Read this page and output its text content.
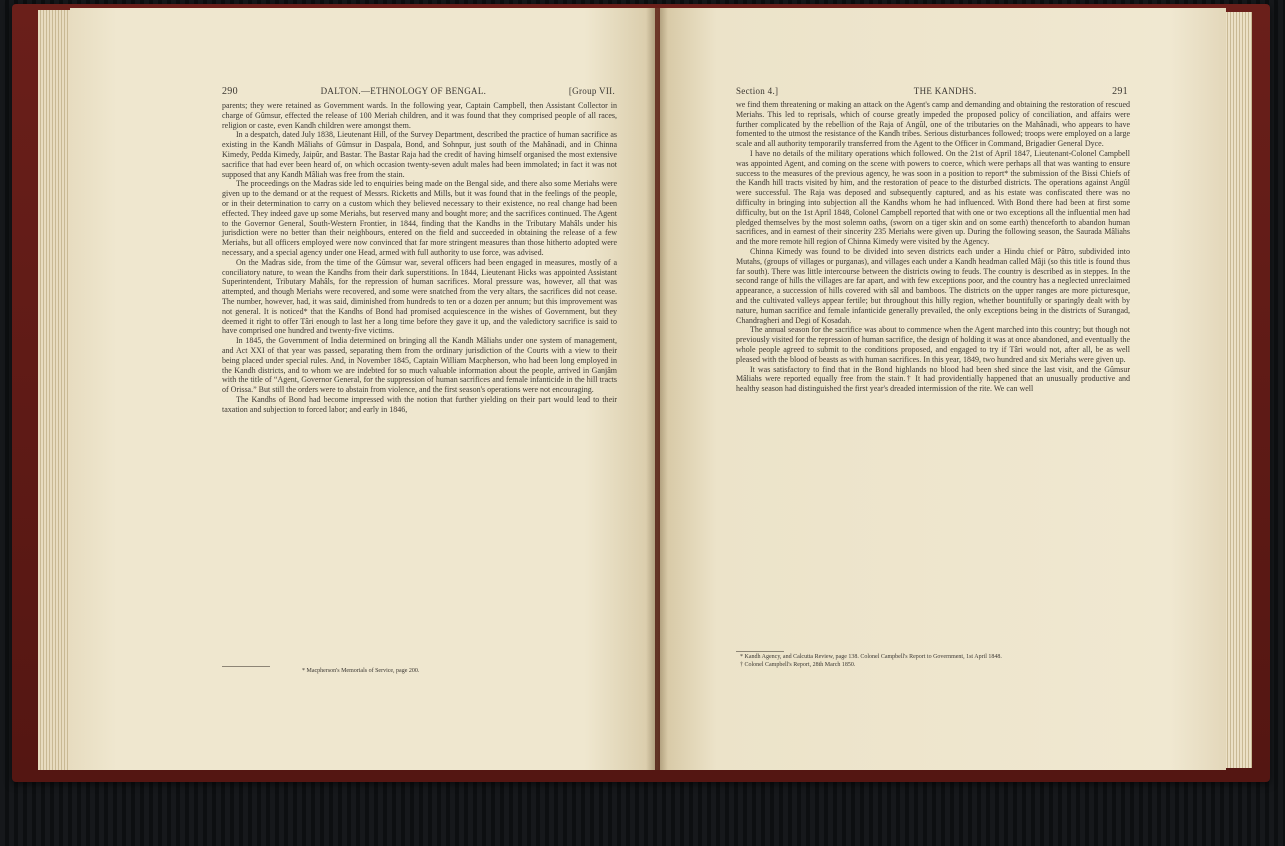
290	DALTON.—ETHNOLOGY OF BENGAL.	[Group VII.

parents; they were retained as Government wards. In the following year, Captain Campbell, then Assistant Collector in charge of Gûmsur, effected the release of 100 Meriah children, and it was found that they comprised people of all races, religion or caste, even Kandh children were amongst them.

In a despatch, dated July 1838, Lieutenant Hill, of the Survey Department, described the practice of human sacrifice as existing in the Kandh Mâliahs of Gûmsur in Daspala, Bond, and Sohnpur, just south of the Mahânadi, and in Chinna Kimedy, Pedda Kimedy, Jaipûr, and Bastar. The Bastar Raja had the credit of having himself organised the most extensive sacrifice that had ever been heard of, on which occasion twenty-seven adult males had been immolated; in fact it was not supposed that any Kandh Mâliah was free from the stain.

The proceedings on the Madras side led to enquiries being made on the Bengal side, and there also some Meriahs were given up to the demand or at the request of Messrs. Ricketts and Mills, but it was found that in the feelings of the people, or in their determination to carry on a custom which they believed necessary to their existence, no real change had been effected. They indeed gave up some Meriahs, but reserved many and bought more; and the sacrifices continued. The Agent to the Governor General, South-Western Frontier, in 1844, finding that the Kandhs in the Tributary Mahâls under his jurisdiction were no better than their neighbours, entered on the field and succeeded in obtaining the release of a few Meriahs, but all officers employed were now convinced that far more stringent measures than those hitherto adopted were necessary, and a special agency under one Head, armed with full authority to use force, was advised.

On the Madras side, from the time of the Gûmsur war, several officers had been engaged in measures, mostly of a conciliatory nature, to wean the Kandhs from their dark superstitions. In 1844, Lieutenant Hicks was appointed Assistant Superintendent, Tributary Mahâls, for the repression of human sacrifices. Moral pressure was, however, all that was attempted, and though Meriahs were recovered, and some were snatched from the very altars, the sacrifices did not cease. The number, however, had, it was said, diminished from hundreds to ten or a dozen per annum; but this improvement was not general. It is noticed* that the Kandhs of Bond had promised acquiescence in the wishes of Government, but they deemed it right to offer Târi enough to last her a long time before they gave it up, and the valedictory sacrifice is said to have comprised one hundred and twenty-five victims.

In 1845, the Government of India determined on bringing all the Kandh Mâliahs under one system of management, and Act XXI of that year was passed, separating them from the ordinary jurisdiction of the Courts with a view to their being placed under special rules. And, in November 1845, Captain William Macpherson, who had been long employed in the Kandh districts, and to whom we are indebted for so much valuable information about the people, arrived in Ganjâm with the title of “Agent, Governor General, for the suppression of human sacrifices and female infanticide in the hill tracts of Orissa.” But still the orders were to abstain from violence, and the first season's operations were not encouraging.

The Kandhs of Bond had become impressed with the notion that further yielding on their part would lead to their taxation and subjection to forced labor; and early in 1846,

* Macpherson's Memorials of Service, page 200.
Section 4.]	THE KANDHS.	291

we find them threatening or making an attack on the Agent's camp and demanding and obtaining the restoration of rescued Meriahs. This led to reprisals, which of course greatly impeded the proposed policy of conciliation, and affairs were further complicated by the rebellion of the Raja of Angûl, one of the tributaries on the Mahânadi, who appears to have fomented to the utmost the resistance of the Kandh tribes. Serious disturbances followed; troops were employed on a large scale and all authority temporarily transferred from the Agent to the Officer in Command, Brigadier General Dyce.

I have no details of the military operations which followed. On the 21st of April 1847, Lieutenant-Colonel Campbell was appointed Agent, and coming on the scene with powers to coerce, which were perhaps all that was wanting to ensure success to the measures of the previous agency, he was soon in a position to report* the submission of the Bissi Chiefs of the Kandh hill tracts visited by him, and the restoration of peace to the disturbed districts. The operations against Angûl were successful. The Raja was deposed and subsequently captured, and as his estate was confiscated there was no difficulty in bringing into subjection all the Kandhs whom he had influenced. With Bond there had been at first some difficulty, but on the 1st April 1848, Colonel Campbell reported that with one or two exceptions all the influential men had pledged themselves by the most solemn oaths, (sworn on a tiger skin and on some earth) thenceforth to abandon human sacrifices, and in earnest of their sincerity 235 Meriahs were given up. During the following season, the Saurada Mâliahs and the more remote hill region of Chinna Kimedy were visited by the Agency.

Chinna Kimedy was found to be divided into seven districts each under a Hindu chief or Pâtro, subdivided into Mutahs, (groups of villages or purganas), and villages each under a Kandh headman called Mâji (so this title is found thus far south). There was little intercourse between the districts owing to feuds. The country is described as in steppes. In the second range of hills the villages are far apart, and with few exceptions poor, and the country has a neglected unreclaimed appearance, a succession of hills covered with sâl and bamboos. The districts on the upper ranges are more picturesque, and the cultivated valleys appear fertile; but throughout this hilly region, whether bountifully or sparingly dealt with by nature, human sacrifice and female infanticide generally prevailed, the only exceptions being in the districts of Surangad, Chandragheri and Degi of Kosadah.

The annual season for the sacrifice was about to commence when the Agent marched into this country; but though not previously visited for the repression of human sacrifice, the design of holding it was at once abandoned, and eventually the whole people agreed to submit to the conditions proposed, and engaged to try if Târi would not, after all, be as well pleased with the blood of beasts as with human sacrifices. In this year, 1849, two hundred and six Meriahs were given up.

It was satisfactory to find that in the Bond highlands no blood had been shed since the last visit, and the Gûmsur Mâliahs were reported equally free from the stain.† It had providentially happened that an unusually productive and healthy season had distinguished the first year's dreaded intermission of the rite. We can well

* Kandh Agency, and Calcutta Review, page 138. Colonel Campbell's Report to Government, 1st April 1848.
† Colonel Campbell's Report, 28th March 1850.
